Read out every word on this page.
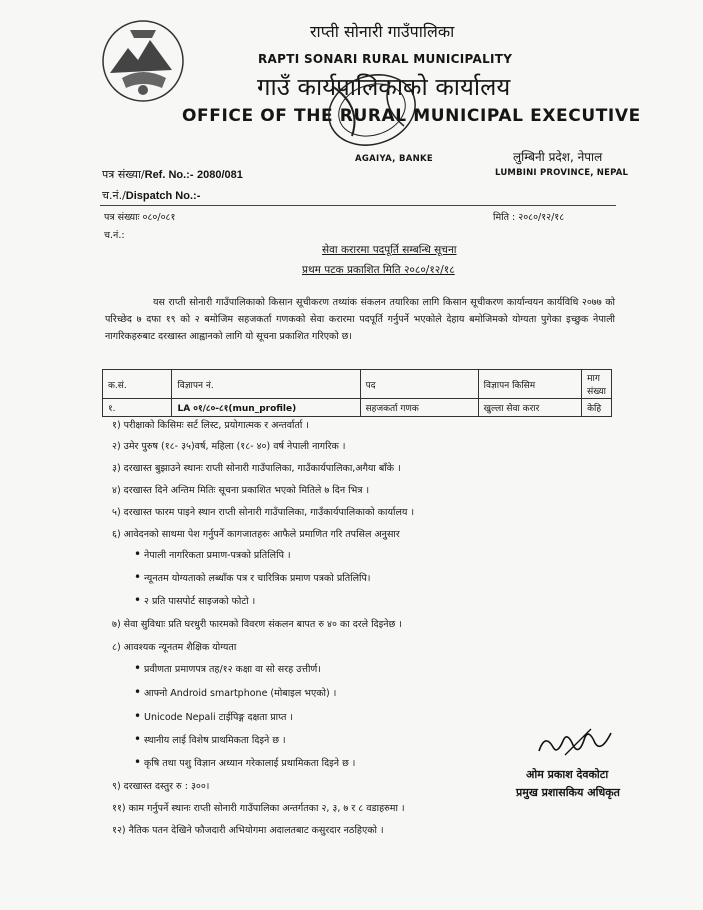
राप्ती सोनारी गाउँपालिका
RAPTI SONARI RURAL MUNICIPALITY
गाउँ कार्यपालिकाको कार्यालय
OFFICE OF THE RURAL MUNICIPAL EXECUTIVE
AGAIYA, BANKE	लुम्बिनी प्रदेश, नेपाल
LUMBINI PROVINCE, NEPAL
पत्र संख्या/Ref. No.:- 2080/081
च.नं./Dispatch No.:-
पत्र संख्याः ०८०/०८१
च.नं.:
मिति : २०८०/१२/१८
सेवा करारमा पदपूर्ति सम्बन्धि सूचना
प्रथम पटक प्रकाशित मिति २०८०/१२/१८
यस राप्ती सोनारी गाउँपालिकाको किसान सूचीकरण तथ्यांक संकलन तयारिका लागि किसान सूचीकरण कार्यान्वयन कार्यविधि २०७७ को परिच्छेद ७ दफा १९ को २ बमोजिम सहजकर्ता गणकको सेवा करारमा पदपूर्ति गर्नुपर्ने भएकोले देहाय बमोजिमको योग्यता पुगेका इच्छुक नेपाली नागरिकहरुबाट दरखास्त आह्वानको लागि यो सूचना प्रकाशित गरिएको छ।
क.सं.	विज्ञापन नं.	पद	विज्ञापन किसिम	माग संख्या
१.	LA ०१/८०-८१(mun_profile)	सहजकर्ता गणक	खुल्ला सेवा करार	केहि
१) परीक्षाको किसिमः सर्ट लिस्ट, प्रयोगात्मक र अन्तर्वार्ता ।
२) उमेर पुरुष (१८- ३५)वर्ष, महिला (१८- ४०) वर्ष नेपाली नागरिक ।
३) दरखास्त बुझाउने स्थानः राप्ती सोनारी गाउँपालिका, गाउँकार्यपालिका,अगैया बाँके ।
४) दरखास्त दिने अन्तिम मितिः सूचना प्रकाशित भएको मितिले ७ दिन भित्र ।
५) दरखास्त फारम पाइने स्थान राप्ती सोनारी गाउँपालिका, गाउँकार्यपालिकाको कार्यालय ।
६) आवेदनको साथमा पेश गर्नुपर्ने कागजातहरुः आफैले प्रमाणित गरि तपसिल अनुसार
• नेपाली नागरिकता प्रमाण-पत्रको प्रतिलिपि ।
• न्यूनतम योग्यताको लब्धाँक पत्र र चारित्रिक प्रमाण पत्रको प्रतिलिपि।
• २ प्रति पासपोर्ट साइजको फोटो ।
७) सेवा सुविधाः प्रति घरधुरी फारमको विवरण संकलन बापत रु ४० का दरले दिइनेछ ।
८) आवश्यक न्यूनतम शैक्षिक योग्यता
• प्रवीणता प्रमाणपत्र तह/१२ कक्षा वा सो सरह उत्तीर्ण।
• आफ्नो Android smartphone (मोबाइल भएको) ।
• Unicode Nepali टाईपिङ्ग दक्षता प्राप्त ।
• स्थानीय लाई विशेष प्राथमिकता दिइने छ ।
• कृषि तथा पशु विज्ञान अध्यान गरेकालाई प्रथामिकता दिइने छ ।
९) दरखास्त दस्तुर रु : ३००।
११) काम गर्नुपर्ने स्थानः राप्ती सोनारी गाउँपालिका अन्तर्गतका २, ३, ७ र ८ वडाहरुमा ।
१२) नैतिक पतन देखिने फौजदारी अभियोगमा अदालतबाट कसुरदार नठहिएको ।
ओम प्रकाश देवकोटा
प्रमुख प्रशासकिय अधिकृत
